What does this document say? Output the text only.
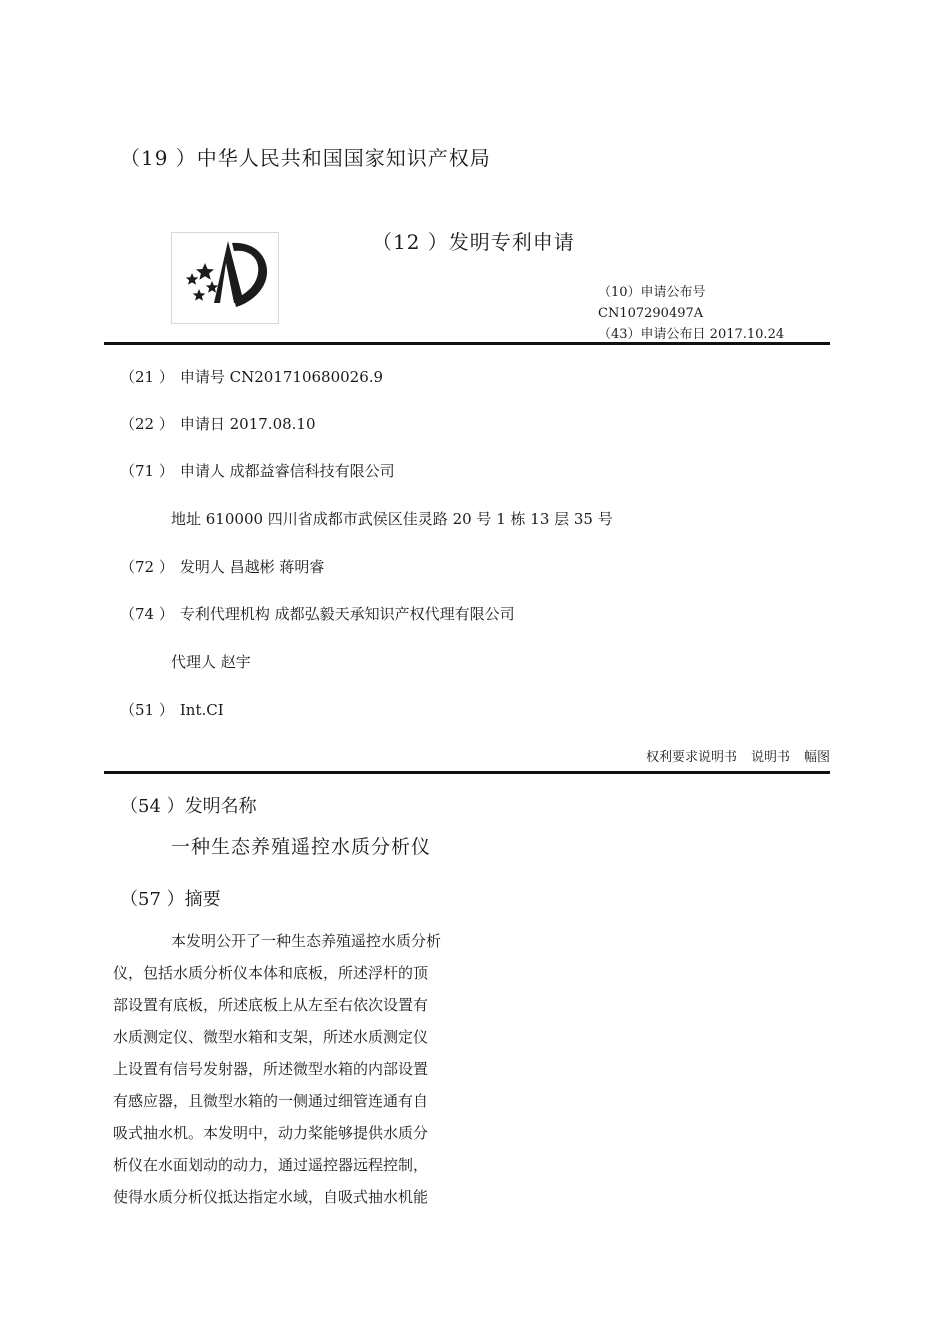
（19 ）中华人民共和国国家知识产权局
（12 ）发明专利申请
（10）申请公布号
CN107290497A
（43）申请公布日 2017.10.24
（21 ） 申请号 CN201710680026.9
（22 ） 申请日 2017.08.10
（71 ） 申请人 成都益睿信科技有限公司
地址 610000 四川省成都市武侯区佳灵路 20 号 1 栋 13 层 35 号
（72 ） 发明人 昌越彬 蒋明睿
（74 ） 专利代理机构 成都弘毅天承知识产权代理有限公司
代理人 赵宇
（51 ） Int.CI
权利要求说明书 说明书 幅图
（54 ）发明名称
一种生态养殖遥控水质分析仪
（57 ）摘要
本发明公开了一种生态养殖遥控水质分析
仪，包括水质分析仪本体和底板，所述浮杆的顶
部设置有底板，所述底板上从左至右依次设置有
水质测定仪、微型水箱和支架，所述水质测定仪
上设置有信号发射器，所述微型水箱的内部设置
有感应器，且微型水箱的一侧通过细管连通有自
吸式抽水机。本发明中，动力桨能够提供水质分
析仪在水面划动的动力，通过遥控器远程控制，
使得水质分析仪抵达指定水域，自吸式抽水机能
